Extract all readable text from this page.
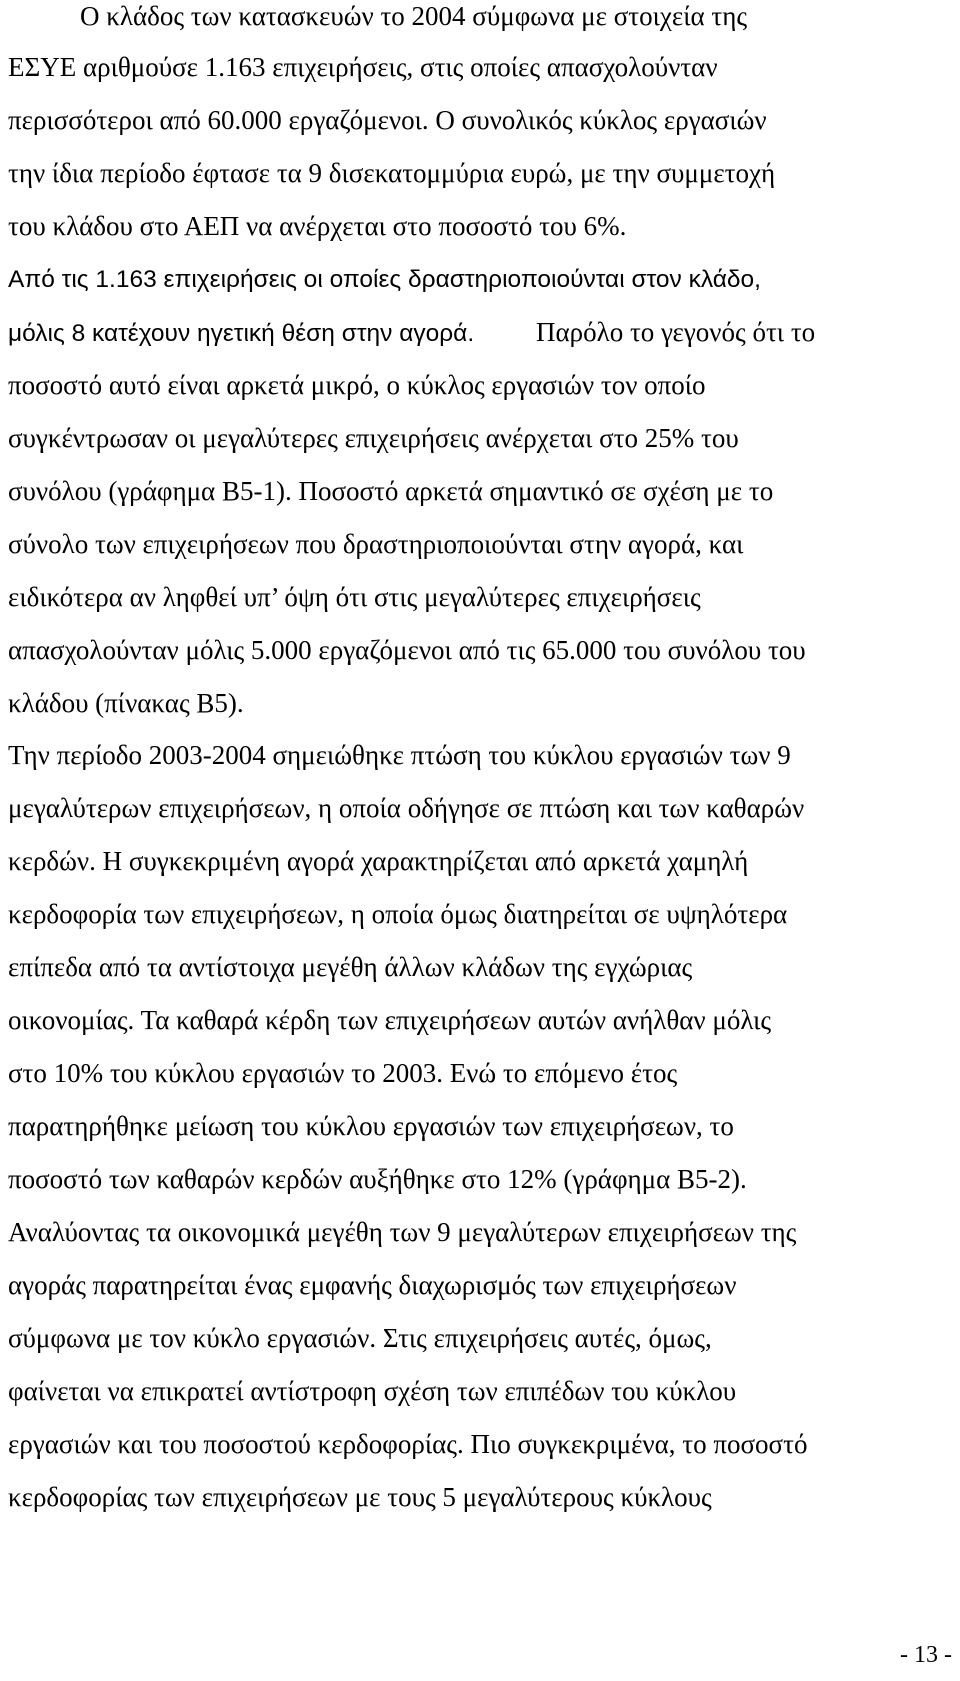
Ο κλάδος των κατασκευών το 2004 σύμφωνα με στοιχεία της
ΕΣΥΕ αριθμούσε 1.163 επιχειρήσεις, στις οποίες απασχολούνταν
περισσότεροι από 60.000 εργαζόμενοι. Ο συνολικός κύκλος εργασιών
την ίδια περίοδο έφτασε τα 9 δισεκατομμύρια ευρώ, με την συμμετοχή
του κλάδου στο ΑΕΠ να ανέρχεται στο ποσοστό του 6%.
Από τις 1.163 επιχειρήσεις οι οποίες δραστηριοποιούνται στον κλάδο,
μόλις 8 κατέχουν ηγετική θέση στην αγορά. Παρόλο το γεγονός ότι το
ποσοστό αυτό είναι αρκετά μικρό, ο κύκλος εργασιών τον οποίο
συγκέντρωσαν οι μεγαλύτερες επιχειρήσεις ανέρχεται στο 25% του
συνόλου (γράφημα Β5-1). Ποσοστό αρκετά σημαντικό σε σχέση με το
σύνολο των επιχειρήσεων που δραστηριοποιούνται στην αγορά, και
ειδικότερα αν ληφθεί υπ’ όψη ότι στις μεγαλύτερες επιχειρήσεις
απασχολούνταν μόλις 5.000 εργαζόμενοι από τις 65.000 του συνόλου του
κλάδου (πίνακας Β5).
Την περίοδο 2003-2004 σημειώθηκε πτώση του κύκλου εργασιών των 9
μεγαλύτερων επιχειρήσεων, η οποία οδήγησε σε πτώση και των καθαρών
κερδών. Η συγκεκριμένη αγορά χαρακτηρίζεται από αρκετά χαμηλή
κερδοφορία των επιχειρήσεων, η οποία όμως διατηρείται σε υψηλότερα
επίπεδα από τα αντίστοιχα μεγέθη άλλων κλάδων της εγχώριας
οικονομίας. Τα καθαρά κέρδη των επιχειρήσεων αυτών ανήλθαν μόλις
στο 10% του κύκλου εργασιών το 2003. Ενώ το επόμενο έτος
παρατηρήθηκε μείωση του κύκλου εργασιών των επιχειρήσεων, το
ποσοστό των καθαρών κερδών αυξήθηκε στο 12% (γράφημα Β5-2).
Αναλύοντας τα οικονομικά μεγέθη των 9 μεγαλύτερων επιχειρήσεων της
αγοράς παρατηρείται ένας εμφανής διαχωρισμός των επιχειρήσεων
σύμφωνα με τον κύκλο εργασιών. Στις επιχειρήσεις αυτές, όμως,
φαίνεται να επικρατεί αντίστροφη σχέση των επιπέδων του κύκλου
εργασιών και του ποσοστού κερδοφορίας. Πιο συγκεκριμένα, το ποσοστό
κερδοφορίας των επιχειρήσεων με τους 5 μεγαλύτερους κύκλους
- 13 -
